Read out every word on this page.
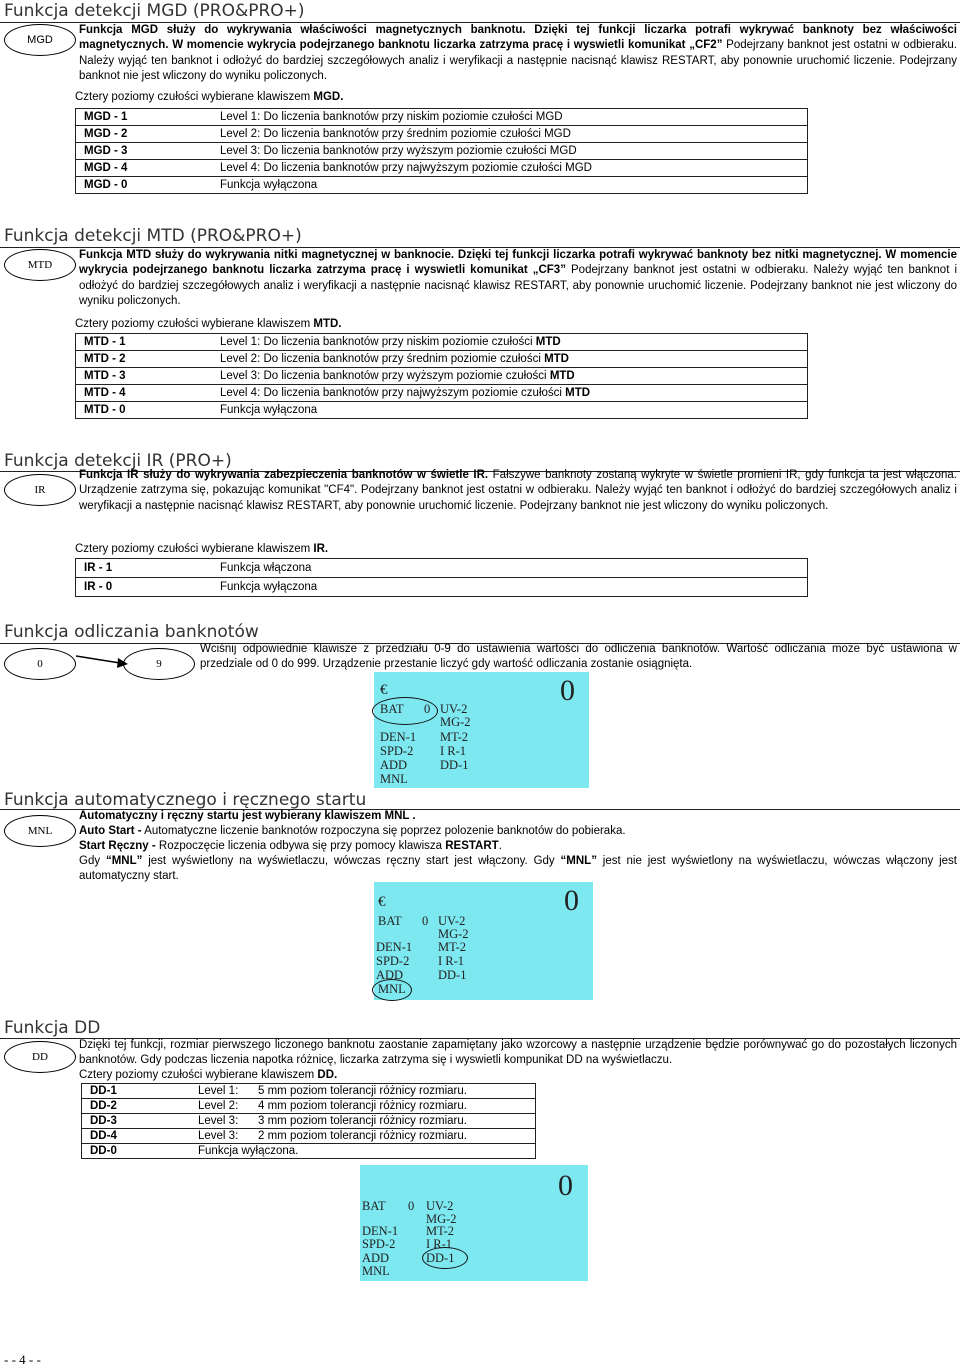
Funkcja detekcji MGD (PRO&PRO+)
MGD

Funkcja MGD służy do wykrywania właściwości magnetycznych banknotu. Dzięki tej funkcji liczarka potrafi wykrywać banknoty bez właściwości magnetycznych. W momencie wykrycia podejrzanego banknotu liczarka zatrzyma pracę i wyswietli komunikat „CF2” Podejrzany banknot jest ostatni w odbieraku. Należy wyjąć ten banknot i odłożyć do bardziej szczegółowych analiz i weryfikacji a następnie nacisnąć klawisz RESTART, aby ponownie uruchomić liczenie. Podejrzany banknot nie jest wliczony do wyniku policzonych.

Cztery poziomy czułości wybierane klawiszem MGD.

MGD - 1	Level 1: Do liczenia banknotów przy niskim poziomie czułości MGD
MGD - 2	Level 2: Do liczenia banknotów przy średnim poziomie czułości MGD
MGD - 3	Level 3: Do liczenia banknotów przy wyższym poziomie czułości MGD
MGD - 4	Level 4: Do liczenia banknotów przy najwyższym poziomie czułości MGD
MGD - 0	Funkcja wyłączona
Funkcja detekcji MTD (PRO&PRO+)
MTD

Funkcja MTD służy do wykrywania nitki magnetycznej w banknocie. Dzięki tej funkcji liczarka potrafi wykrywać banknoty bez nitki magnetycznej. W momencie wykrycia podejrzanego banknotu liczarka zatrzyma pracę i wyswietli komunikat „CF3” Podejrzany banknot jest ostatni w odbieraku. Należy wyjąć ten banknot i odłożyć do bardziej szczegółowych analiz i weryfikacji a następnie nacisnąć klawisz RESTART, aby ponownie uruchomić liczenie. Podejrzany banknot nie jest wliczony do wyniku policzonych.

Cztery poziomy czułości wybierane klawiszem MTD.

MTD - 1	Level 1: Do liczenia banknotów przy niskim poziomie czułości MTD
MTD - 2	Level 2: Do liczenia banknotów przy średnim poziomie czułości MTD
MTD - 3	Level 3: Do liczenia banknotów przy wyższym poziomie czułości MTD
MTD - 4	Level 4: Do liczenia banknotów przy najwyższym poziomie czułości MTD
MTD - 0	Funkcja wyłączona
Funkcja detekcji IR (PRO+)
IR

Funkcja IR służy do wykrywania zabezpieczenia banknotów w świetle IR. Fałszywe banknoty zostaną wykryte w świetle promieni IR, gdy funkcja ta jest włączona. Urządzenie zatrzyma się, pokazując komunikat "CF4". Podejrzany banknot jest ostatni w odbieraku. Należy wyjąć ten banknot i odłożyć do bardziej szczegółowych analiz i weryfikacji a następnie nacisnąć klawisz RESTART, aby ponownie uruchomić liczenie. Podejrzany banknot nie jest wliczony do wyniku policzonych.

Cztery poziomy czułości wybierane klawiszem IR.

IR - 1	Funkcja włączona
IR - 0	Funkcja wyłączona
Funkcja odliczania banknotów
0	9
Wciśnij odpowiednie klawisze z przedziału 0-9 do ustawienia wartości do odliczenia banknotów. Wartość odliczania może być ustawiona w przedziale od 0 do 999. Urządzenie przestanie liczyć gdy wartość odliczania zostanie osiągnięta.
€	0
BAT 0 UV-2
MG-2
DEN-1 MT-2
SPD-2 I R-1
ADD	DD-1
MNL
Funkcja automatycznego i ręcznego startu
MNL

Automatyczny i ręczny startu jest wybierany klawiszem MNL .

Auto Start - Automatyczne liczenie banknotów rozpoczyna się poprzez polozenie banknotów do pobieraka.

Start Ręczny - Rozpoczęcie liczenia odbywa się przy pomocy klawisza RESTART.

Gdy “MNL” jest wyświetlony na wyświetlaczu, wówczas ręczny start jest włączony. Gdy “MNL” jest nie jest wyświetlony na wyświetlaczu, wówczas włączony jest automatyczny start.

€	0
BAT 0 UV-2
MG-2
DEN-1 MT-2
SPD-2 I R-1
ADD	DD-1
MNL
Funkcja DD
DD
Dzięki tej funkcji, rozmiar pierwszego liczonego banknotu zaostanie zapamiętany jako wzorcowy a następnie urządzenie będzie porównywać go do pozostałych liczonych banknotów. Gdy podczas liczenia napotka różnicę, liczarka zatrzyma się i wyswietli kompunikat DD na wyświetlaczu.

Cztery poziomy czułości wybierane klawiszem DD.

DD-1	Level 1: 5 mm poziom tolerancji różnicy rozmiaru.
DD-2	Level 2: 4 mm poziom tolerancji różnicy rozmiaru.
DD-3	Level 3: 3 mm poziom tolerancji różnicy rozmiaru.
DD-4	Level 3: 2 mm poziom tolerancji różnicy rozmiaru.
DD-0	Funkcja wyłączona.
0
BAT 0 UV-2
MG-2
DEN-1 MT-2
SPD-2 I R-1
ADD	DD-1
MNL
- - 4 - -
